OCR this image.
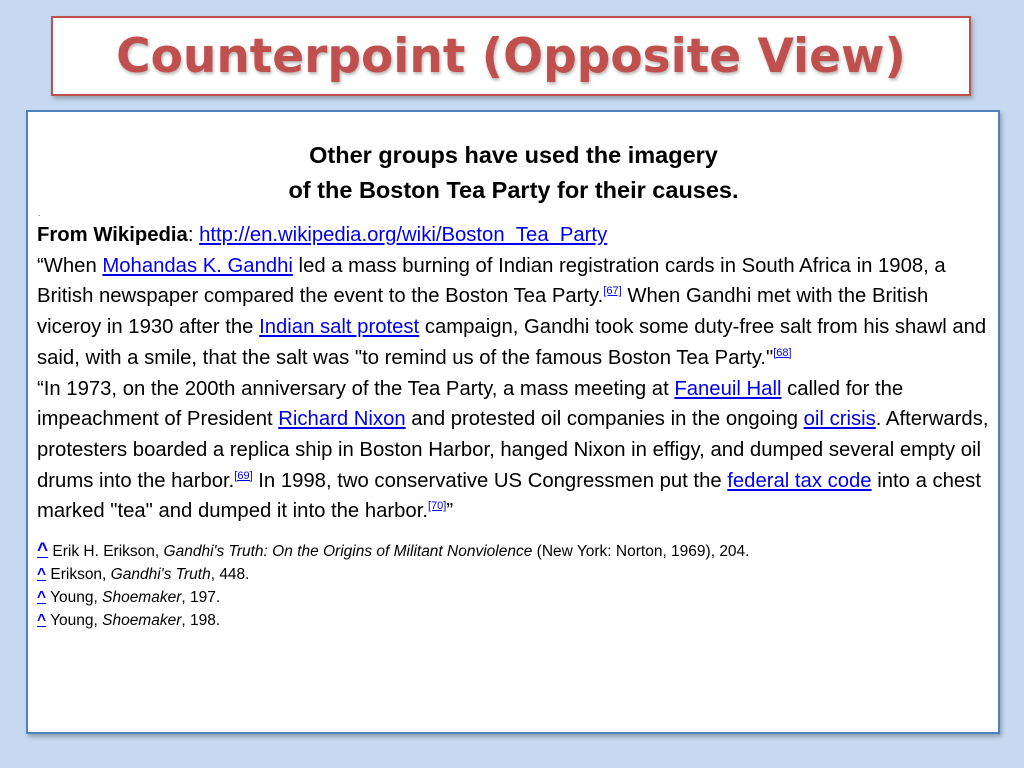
Counterpoint (Opposite View)
Other groups have used the imagery
of the Boston Tea Party for their causes.
.
From Wikipedia: http://en.wikipedia.org/wiki/Boston_Tea_Party
“When Mohandas K. Gandhi led a mass burning of Indian registration cards in South Africa in 1908, a British newspaper compared the event to the Boston Tea Party.[67] When Gandhi met with the British viceroy in 1930 after the Indian salt protest campaign, Gandhi took some duty-free salt from his shawl and said, with a smile, that the salt was "to remind us of the famous Boston Tea Party."[68]
“In 1973, on the 200th anniversary of the Tea Party, a mass meeting at Faneuil Hall called for the impeachment of President Richard Nixon and protested oil companies in the ongoing oil crisis. Afterwards, protesters boarded a replica ship in Boston Harbor, hanged Nixon in effigy, and dumped several empty oil drums into the harbor.[69] In 1998, two conservative US Congressmen put the federal tax code into a chest marked "tea" and dumped it into the harbor.[70]”
^ Erik H. Erikson, Gandhi's Truth: On the Origins of Militant Nonviolence (New York: Norton, 1969), 204.
^ Erikson, Gandhi's Truth, 448.
^ Young, Shoemaker, 197.
^ Young, Shoemaker, 198.
